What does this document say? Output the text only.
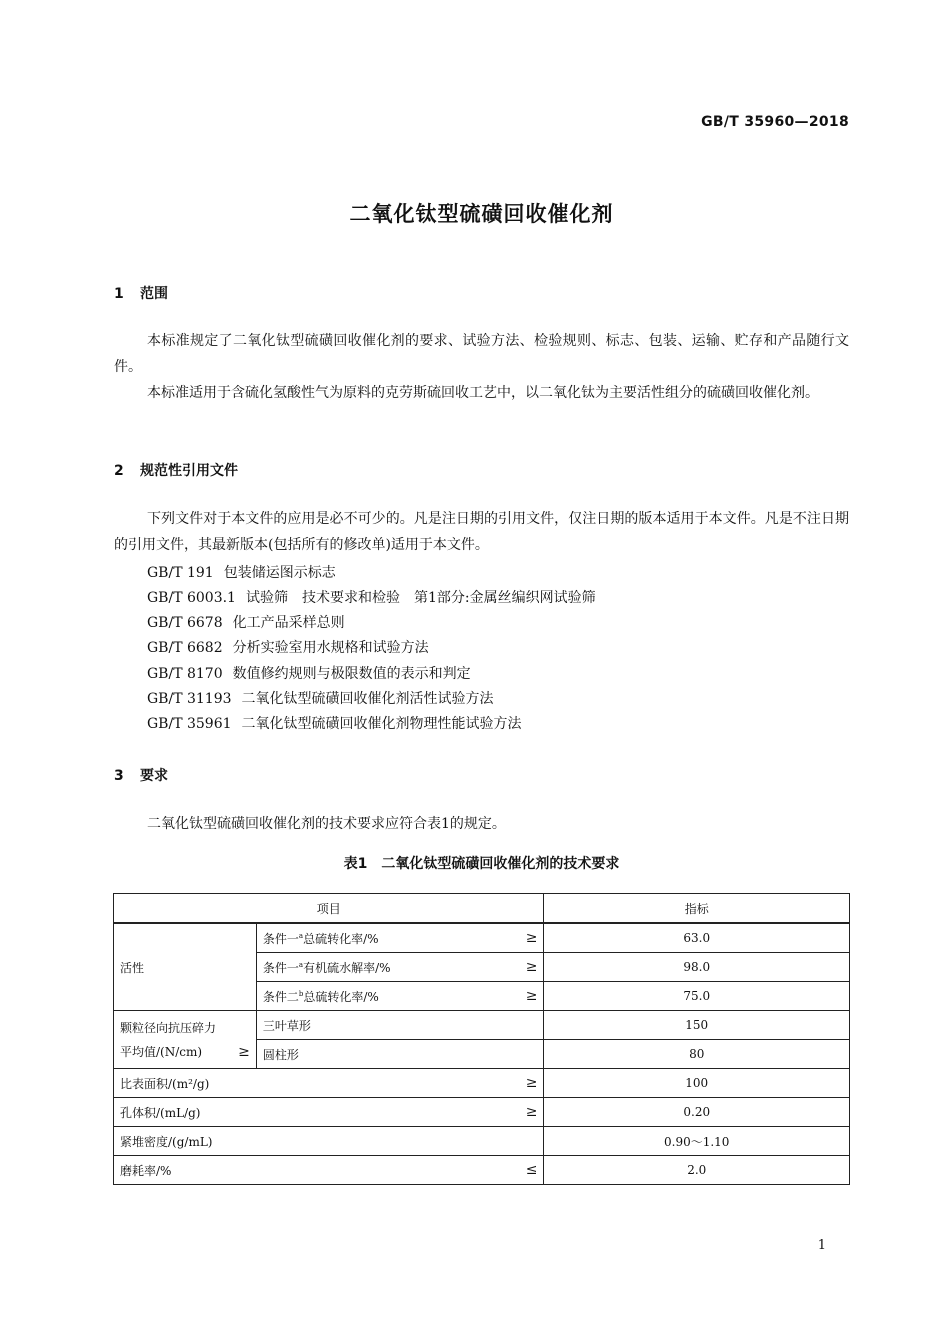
GB/T 35960—2018
二氧化钛型硫磺回收催化剂
1 范围

本标准规定了二氧化钛型硫磺回收催化剂的要求、试验方法、检验规则、标志、包装、运输、贮存和产品随行文件。

本标准适用于含硫化氢酸性气为原料的克劳斯硫回收工艺中，以二氧化钛为主要活性组分的硫磺回收催化剂。

2 规范性引用文件

下列文件对于本文件的应用是必不可少的。凡是注日期的引用文件，仅注日期的版本适用于本文件。凡是不注日期的引用文件，其最新版本(包括所有的修改单)适用于本文件。

GB/T 191 包装储运图示标志
GB/T 6003.1 试验筛　技术要求和检验　第1部分:金属丝编织网试验筛
GB/T 6678 化工产品采样总则
GB/T 6682 分析实验室用水规格和试验方法
GB/T 8170 数值修约规则与极限数值的表示和判定
GB/T 31193 二氧化钛型硫磺回收催化剂活性试验方法
GB/T 35961 二氧化钛型硫磺回收催化剂物理性能试验方法
3 要求

二氧化钛型硫磺回收催化剂的技术要求应符合表1的规定。

表1　二氧化钛型硫磺回收催化剂的技术要求
项目		指标
活性	条件一$^a$总硫转化率/% ≥	63.0

	条件一$^a$有机硫水解率/% ≥	98.0

	条件二$^b$总硫转化率/% ≥	75.0

颗粒径向抗压碎力
平均值/(N/cm) ≥	三叶草形	150
	圆柱形	80

比表面积/(m²/g) ≥		100

孔体积/(mL/g) ≥		0.20

紧堆密度/(g/mL)		0.90～1.10

磨耗率/% ≤		2.0
1
